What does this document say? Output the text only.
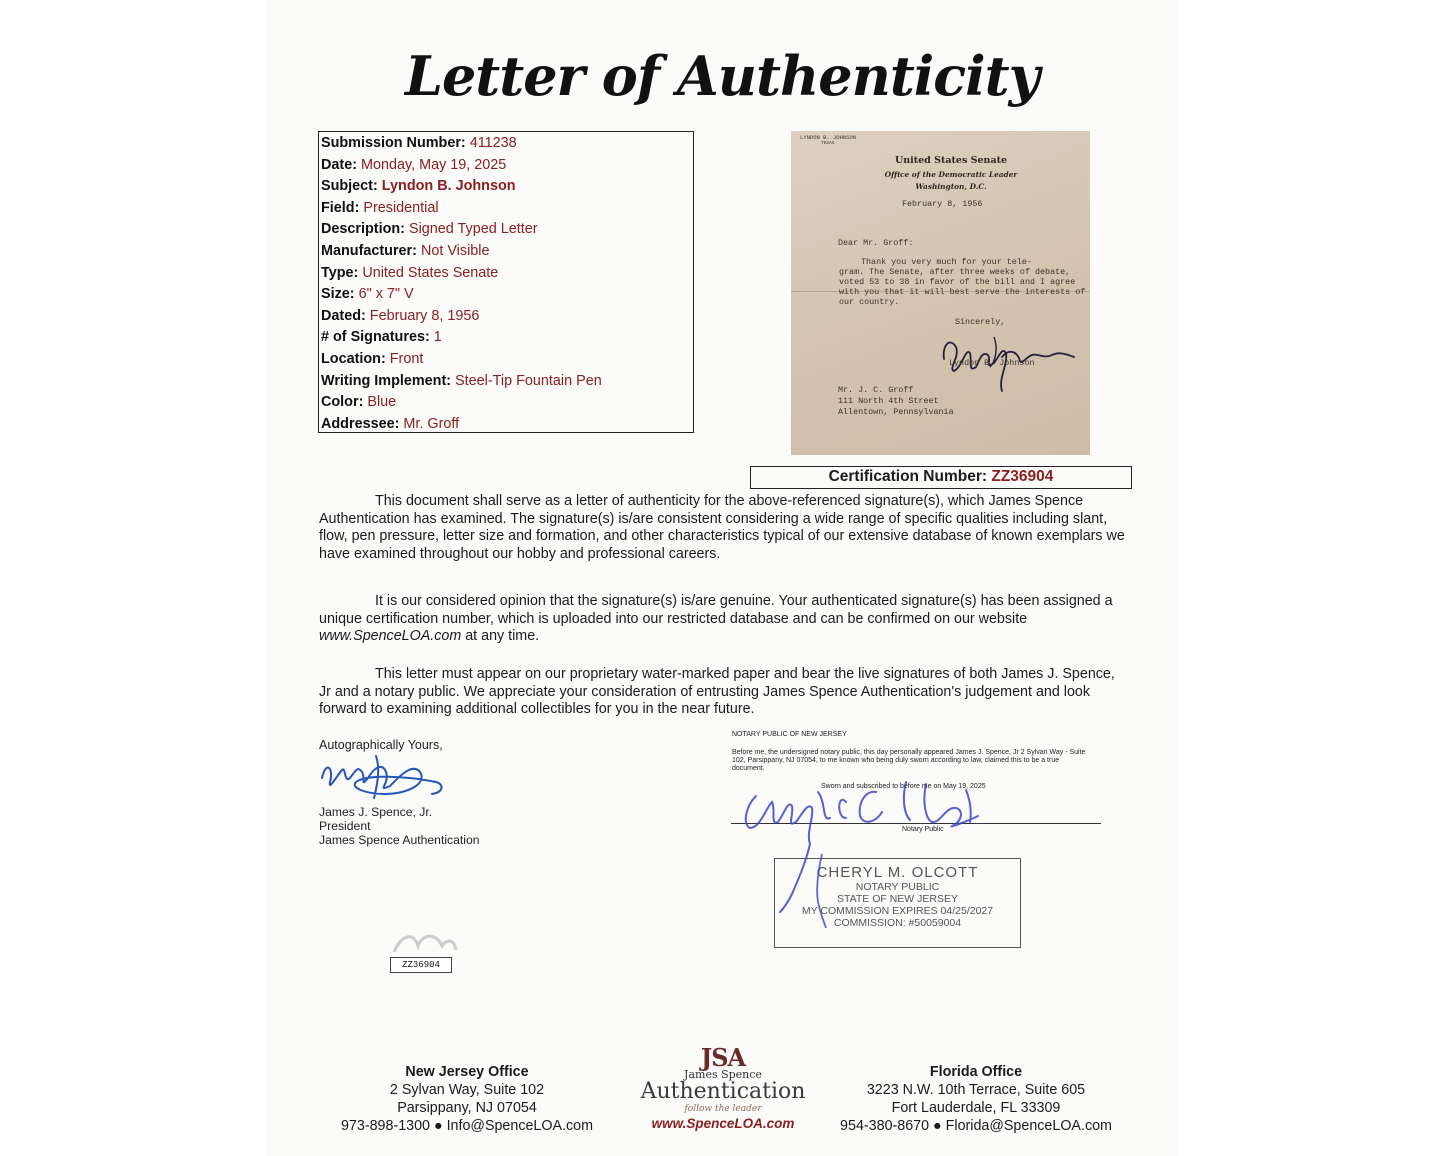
Letter of Authenticity
Submission Number: 411238
Date: Monday, May 19, 2025
Subject: Lyndon B. Johnson
Field: Presidential
Description: Signed Typed Letter
Manufacturer: Not Visible
Type: United States Senate
Size: 6" x 7" V
Dated: February 8, 1956
# of Signatures: 1
Location: Front
Writing Implement: Steel-Tip Fountain Pen
Color: Blue
Addressee: Mr. Groff
LYNDON B. JOHNSON
TEXAS
United States Senate
Office of the Democratic Leader
Washington, D.C.
February 8, 1956
Dear Mr. Groff:
Thank you very much for your tele-
gram. The Senate, after three weeks of debate,
voted 53 to 38 in favor of the bill and I agree
with you that it will best serve the interests of
our country.
Sincerely,
Lyndon B. Johnson
Mr. J. C. Groff
111 North 4th Street
Allentown, Pennsylvania
Certification Number: ZZ36904
This document shall serve as a letter of authenticity for the above-referenced signature(s), which James Spence Authentication has examined. The signature(s) is/are consistent considering a wide range of specific qualities including slant, flow, pen pressure, letter size and formation, and other characteristics typical of our extensive database of known exemplars we have examined throughout our hobby and professional careers.
It is our considered opinion that the signature(s) is/are genuine. Your authenticated signature(s) has been assigned a unique certification number, which is uploaded into our restricted database and can be confirmed on our website www.SpenceLOA.com at any time.
This letter must appear on our proprietary water-marked paper and bear the live signatures of both James J. Spence, Jr and a notary public. We appreciate your consideration of entrusting James Spence Authentication's judgement and look forward to examining additional collectibles for you in the near future.
Autographically Yours,
James J. Spence, Jr.
President
James Spence Authentication
NOTARY PUBLIC OF NEW JERSEY
Before me, the undersigned notary public, this day personally appeared James J. Spence, Jr 2 Sylvan Way - Suite
102, Parsippany, NJ 07054, to me known who being duly sworn according to law, claimed this to be a true
document.
Sworn and subscribed to before me on May 19, 2025
Notary Public
CHERYL M. OLCOTT
NOTARY PUBLIC
STATE OF NEW JERSEY
MY COMMISSION EXPIRES 04/25/2027
COMMISSION: #50059004
ZZ36904
New Jersey Office
2 Sylvan Way, Suite 102
Parsippany, NJ 07054
973-898-1300 ● Info@SpenceLOA.com
JSA
James Spence
Authentication
follow the leader
www.SpenceLOA.com
Florida Office
3223 N.W. 10th Terrace, Suite 605
Fort Lauderdale, FL 33309
954-380-8670 ● Florida@SpenceLOA.com
